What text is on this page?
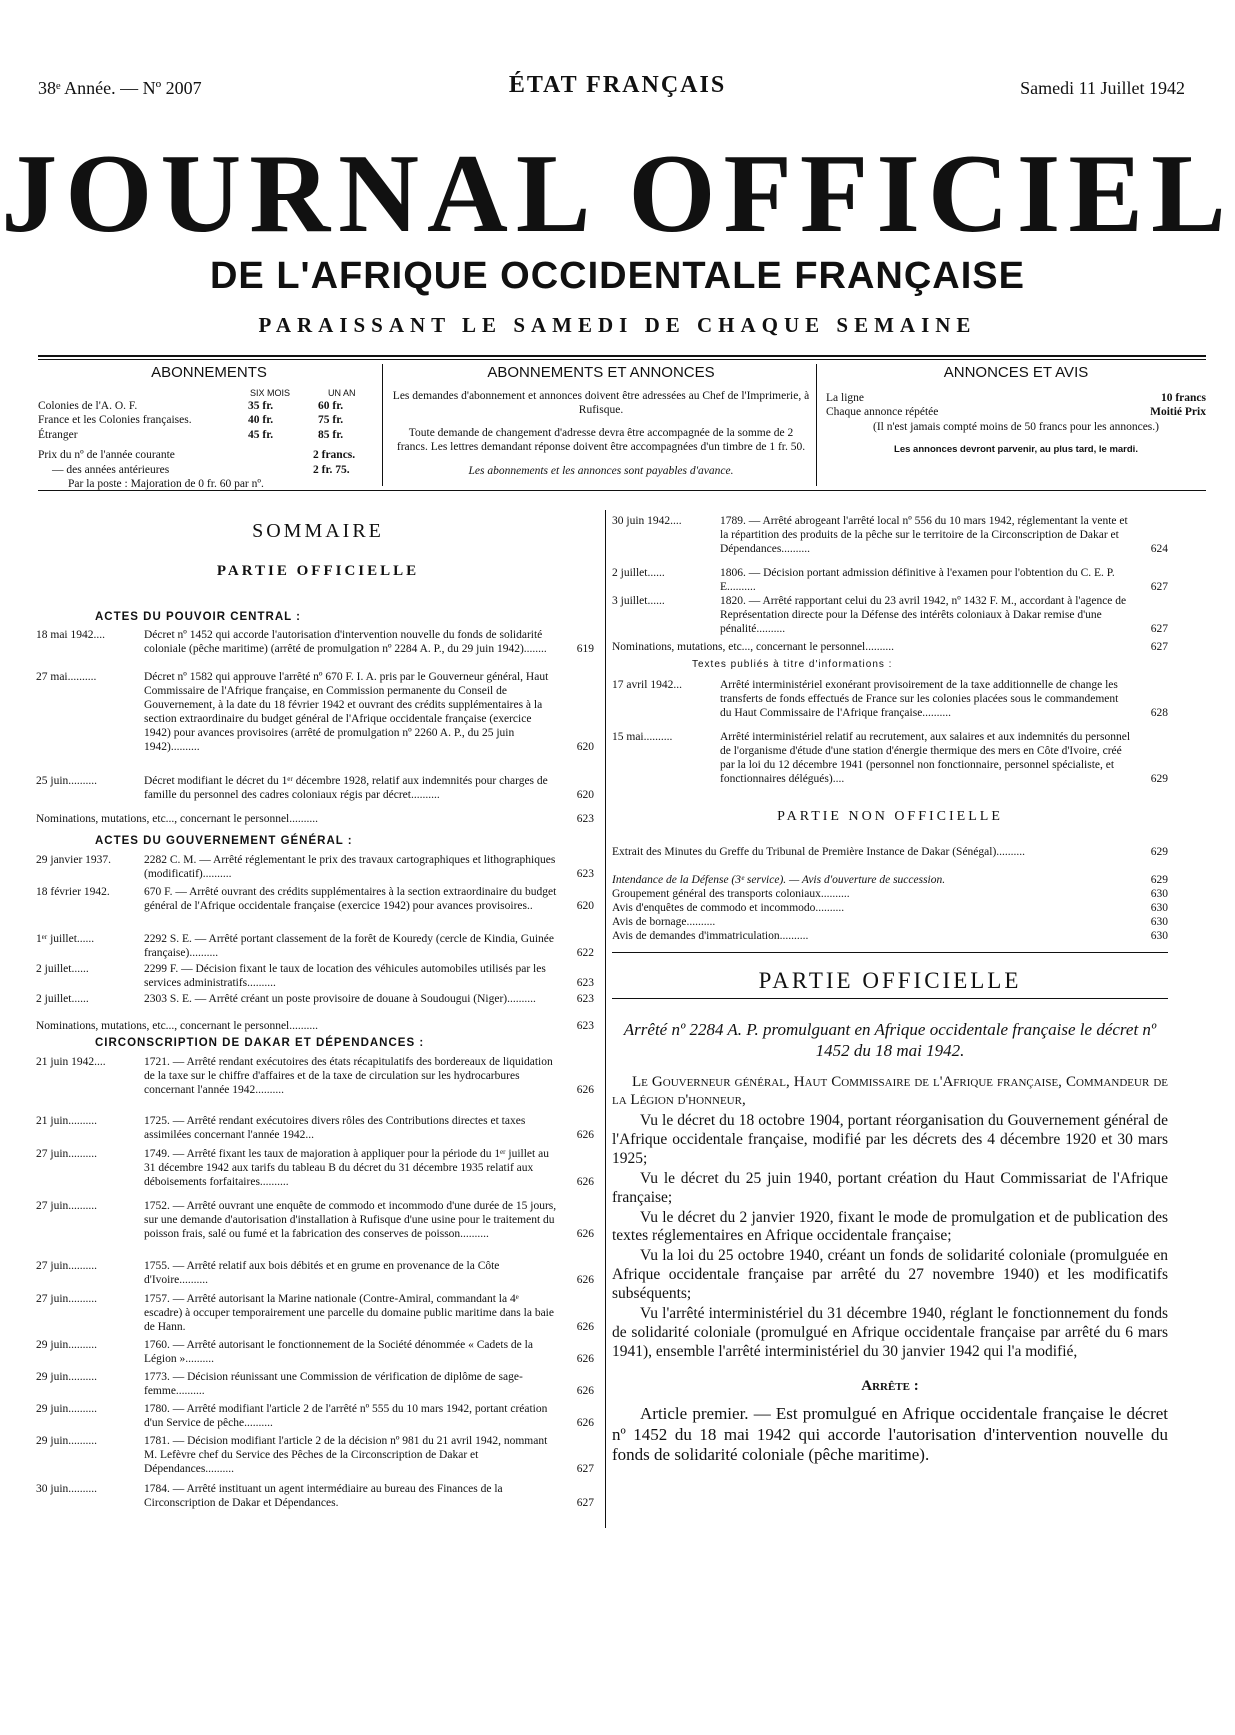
38ᵉ Année. — Nº 2007	ÉTAT FRANÇAIS	Samedi 11 Juillet 1942
JOURNAL OFFICIEL
DE L'AFRIQUE OCCIDENTALE FRANÇAISE
PARAISSANT LE SAMEDI DE CHAQUE SEMAINE
ABONNEMENTS
SIX MOIS	UN AN
Colonies de l'A. O. F.	35 fr.	60 fr.
France et les Colonies françaises.	40 fr.	75 fr.
Étranger	45 fr.	85 fr.
Prix du nº de l'année courante	2 francs.
— des années antérieures	2 fr. 75.
Par la poste : Majoration de 0 fr. 60 par nº.
ABONNEMENTS ET ANNONCES
Les demandes d'abonnement et annonces doivent être adressées au Chef de l'Imprimerie, à Rufisque.
Toute demande de changement d'adresse devra être accompagnée de la somme de 2 francs. Les lettres demandant réponse doivent être accompagnées d'un timbre de 1 fr. 50.
Les abonnements et les annonces sont payables d'avance.
ANNONCES ET AVIS
La ligne	10 francs
Chaque annonce répétée	Moitié Prix
(Il n'est jamais compté moins de 50 francs pour les annonces.)
Les annonces devront parvenir, au plus tard, le mardi.
SOMMAIRE
PARTIE OFFICIELLE
ACTES DU POUVOIR CENTRAL :
ACTES DU GOUVERNEMENT GÉNÉRAL :
CIRCONSCRIPTION DE DAKAR ET DÉPENDANCES :
18 mai 1942....	Décret nº 1452 qui accorde l'autorisation d'intervention nouvelle du fonds de solidarité coloniale (pêche maritime) (arrêté de promulgation nº 2284 A. P., du 29 juin 1942)........	619
27 mai..........	Décret nº 1582 qui approuve l'arrêté nº 670 F. I. A. pris par le Gouverneur général, Haut Commissaire de l'Afrique française, en Commission permanente du Conseil de Gouvernement, à la date du 18 février 1942 et ouvrant des crédits supplémentaires à la section extraordinaire du budget général de l'Afrique occidentale française (exercice 1942) pour avances provisoires (arrêté de promulgation nº 2260 A. P., du 25 juin 1942)..........	620
25 juin..........	Décret modifiant le décret du 1ᵉʳ décembre 1928, relatif aux indemnités pour charges de famille du personnel des cadres coloniaux régis par décret..........	620
Nominations, mutations, etc..., concernant le personnel..........	623
29 janvier 1937.	2282 C. M. — Arrêté réglementant le prix des travaux cartographiques et lithographiques (modificatif)..........	623
18 février 1942.	670 F. — Arrêté ouvrant des crédits supplémentaires à la section extraordinaire du budget général de l'Afrique occidentale française (exercice 1942) pour avances provisoires..	620
1ᵉʳ juillet......	2292 S. E. — Arrêté portant classement de la forêt de Kouredy (cercle de Kindia, Guinée française)..........	622
2 juillet......	2299 F. — Décision fixant le taux de location des véhicules automobiles utilisés par les services administratifs..........	623
2 juillet......	2303 S. E. — Arrêté créant un poste provisoire de douane à Soudougui (Niger)..........	623
Nominations, mutations, etc..., concernant le personnel..........	623
21 juin 1942....	1721. — Arrêté rendant exécutoires des états récapitulatifs des bordereaux de liquidation de la taxe sur le chiffre d'affaires et de la taxe de circulation sur les hydrocarbures concernant l'année 1942..........	626
21 juin..........	1725. — Arrêté rendant exécutoires divers rôles des Contributions directes et taxes assimilées concernant l'année 1942...	626
27 juin..........	1749. — Arrêté fixant les taux de majoration à appliquer pour la période du 1ᵉʳ juillet au 31 décembre 1942 aux tarifs du tableau B du décret du 31 décembre 1935 relatif aux déboisements forfaitaires..........	626
27 juin..........	1752. — Arrêté ouvrant une enquête de commodo et incommodo d'une durée de 15 jours, sur une demande d'autorisation d'installation à Rufisque d'une usine pour le traitement du poisson frais, salé ou fumé et la fabrication des conserves de poisson..........	626
27 juin..........	1755. — Arrêté relatif aux bois débités et en grume en provenance de la Côte d'Ivoire..........	626
27 juin..........	1757. — Arrêté autorisant la Marine nationale (Contre-Amiral, commandant la 4ᵉ escadre) à occuper temporairement une parcelle du domaine public maritime dans la baie de Hann.	626
29 juin..........	1760. — Arrêté autorisant le fonctionnement de la Société dénommée « Cadets de la Légion »..........	626
29 juin..........	1773. — Décision réunissant une Commission de vérification de diplôme de sage-femme..........	626
29 juin..........	1780. — Arrêté modifiant l'article 2 de l'arrêté nº 555 du 10 mars 1942, portant création d'un Service de pêche..........	626
29 juin..........	1781. — Décision modifiant l'article 2 de la décision nº 981 du 21 avril 1942, nommant M. Lefèvre chef du Service des Pêches de la Circonscription de Dakar et Dépendances..........	627
30 juin..........	1784. — Arrêté instituant un agent intermédiaire au bureau des Finances de la Circonscription de Dakar et Dépendances.	627
30 juin 1942....	1789. — Arrêté abrogeant l'arrêté local nº 556 du 10 mars 1942, réglementant la vente et la répartition des produits de la pêche sur le territoire de la Circonscription de Dakar et Dépendances..........	624
2 juillet......	1806. — Décision portant admission définitive à l'examen pour l'obtention du C. E. P. E..........	627
3 juillet......	1820. — Arrêté rapportant celui du 23 avril 1942, nº 1432 F. M., accordant à l'agence de Représentation directe pour la Défense des intérêts coloniaux à Dakar remise d'une pénalité..........	627
Nominations, mutations, etc..., concernant le personnel..........	627
Textes publiés à titre d'informations :
17 avril 1942...	Arrêté interministériel exonérant provisoirement de la taxe additionnelle de change les transferts de fonds effectués de France sur les colonies placées sous le commandement du Haut Commissaire de l'Afrique française..........	628
15 mai..........	Arrêté interministériel relatif au recrutement, aux salaires et aux indemnités du personnel de l'organisme d'étude d'une station d'énergie thermique des mers en Côte d'Ivoire, créé par la loi du 12 décembre 1941 (personnel non fonctionnaire, personnel spécialiste, et fonctionnaires délégués)....	629
PARTIE NON OFFICIELLE
Extrait des Minutes du Greffe du Tribunal de Première Instance de Dakar (Sénégal)..........	629
Intendance de la Défense (3ᵉ service). — Avis d'ouverture de succession.	629
Groupement général des transports coloniaux..........	630
Avis d'enquêtes de commodo et incommodo..........	630
Avis de bornage..........	630
Avis de demandes d'immatriculation..........	630
PARTIE OFFICIELLE
Arrêté nº 2284 A. P. promulguant en Afrique occidentale française le décret nº 1452 du 18 mai 1942.

Le Gouverneur général, Haut Commissaire de l'Afrique française, Commandeur de la Légion d'honneur,

Vu le décret du 18 octobre 1904, portant réorganisation du Gouvernement général de l'Afrique occidentale française, modifié par les décrets des 4 décembre 1920 et 30 mars 1925;

Vu le décret du 25 juin 1940, portant création du Haut Commissariat de l'Afrique française;

Vu le décret du 2 janvier 1920, fixant le mode de promulgation et de publication des textes réglementaires en Afrique occidentale française;

Vu la loi du 25 octobre 1940, créant un fonds de solidarité coloniale (promulguée en Afrique occidentale française par arrêté du 27 novembre 1940) et les modificatifs subséquents;

Vu l'arrêté interministériel du 31 décembre 1940, réglant le fonctionnement du fonds de solidarité coloniale (promulgué en Afrique occidentale française par arrêté du 6 mars 1941), ensemble l'arrêté interministériel du 30 janvier 1942 qui l'a modifié,

Arrête :

Article premier. — Est promulgué en Afrique occidentale française le décret nº 1452 du 18 mai 1942 qui accorde l'autorisation d'intervention nouvelle du fonds de solidarité coloniale (pêche maritime).
